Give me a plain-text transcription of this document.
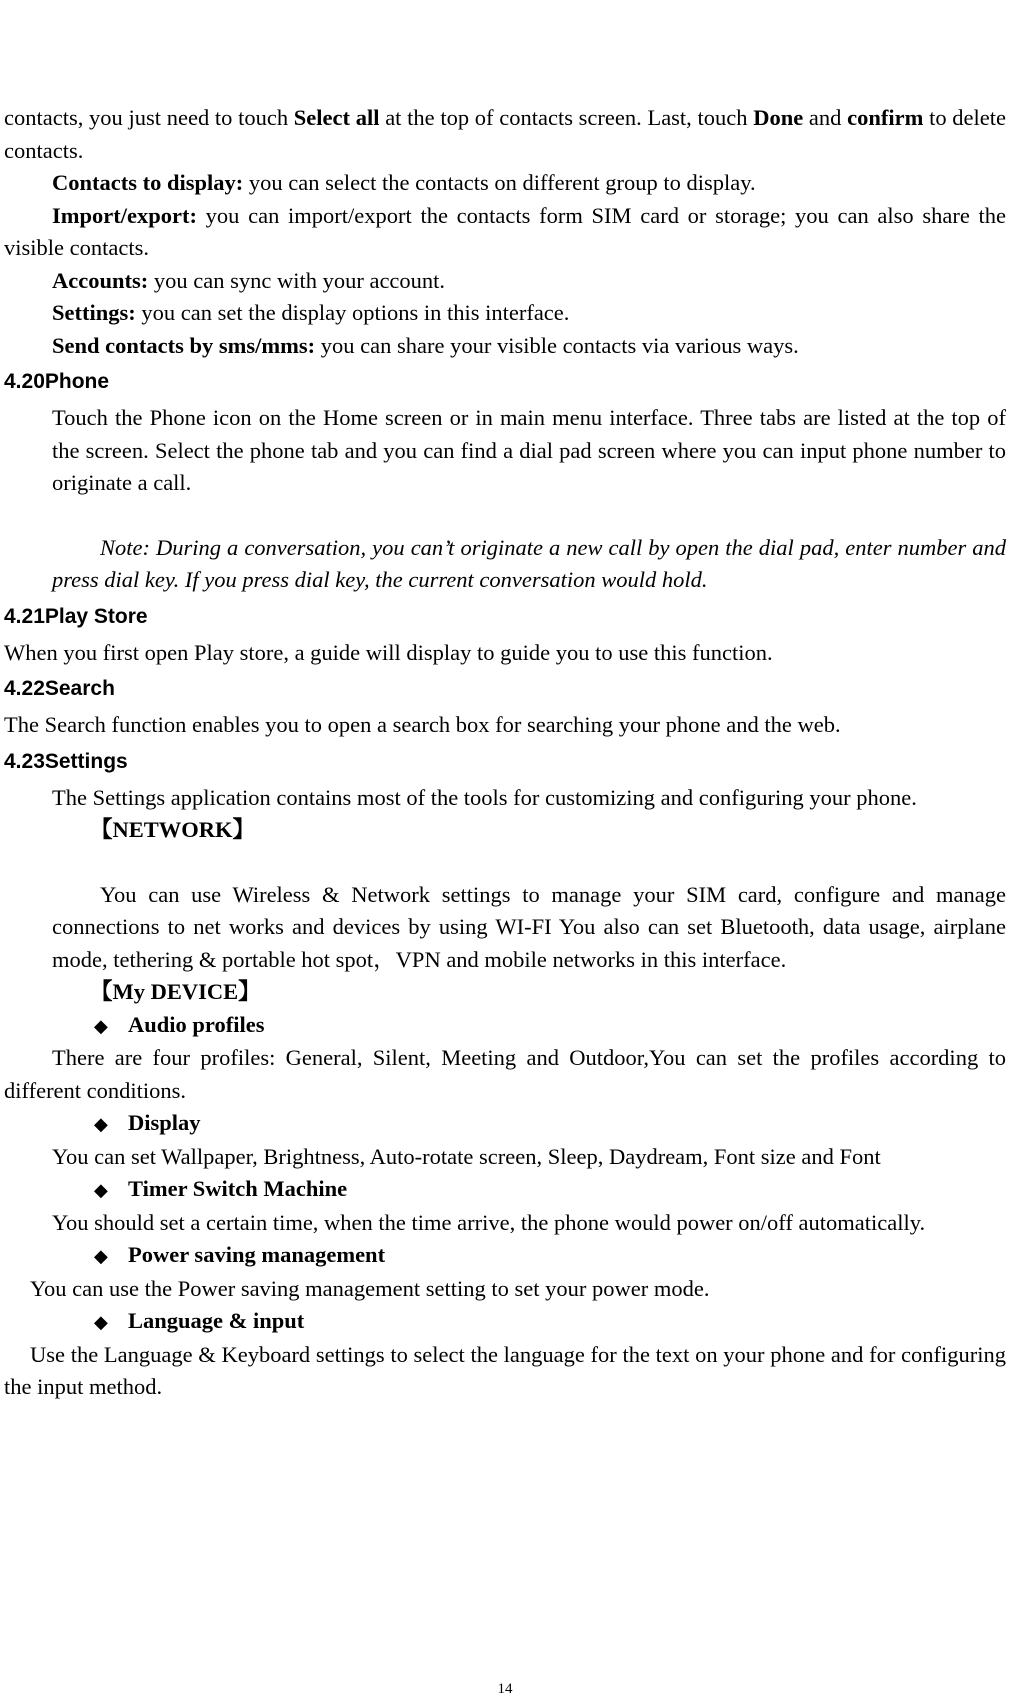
contacts, you just need to touch Select all at the top of contacts screen. Last, touch Done and confirm to delete contacts.

Contacts to display: you can select the contacts on different group to display.

Import/export: you can import/export the contacts form SIM card or storage; you can also share the visible contacts.

Accounts: you can sync with your account.

Settings: you can set the display options in this interface.

Send contacts by sms/mms: you can share your visible contacts via various ways.

4.20Phone

Touch the Phone icon on the Home screen or in main menu interface. Three tabs are listed at the top of the screen. Select the phone tab and you can find a dial pad screen where you can input phone number to originate a call.

Note: During a conversation, you can’t originate a new call by open the dial pad, enter number and press dial key. If you press dial key, the current conversation would hold.

4.21Play Store

When you first open Play store, a guide will display to guide you to use this function.

4.22Search

The Search function enables you to open a search box for searching your phone and the web.

4.23Settings

The Settings application contains most of the tools for customizing and configuring your phone.

【NETWORK】

You can use Wireless & Network settings to manage your SIM card, configure and manage connections to net works and devices by using WI-FI You also can set Bluetooth, data usage, airplane mode, tethering & portable hot spot，VPN and mobile networks in this interface.

【My DEVICE】

◆ Audio profiles

There are four profiles: General, Silent, Meeting and Outdoor,You can set the profiles according to different conditions.

◆ Display

You can set Wallpaper, Brightness, Auto-rotate screen, Sleep, Daydream, Font size and Font

◆ Timer Switch Machine

You should set a certain time, when the time arrive, the phone would power on/off automatically.

◆ Power saving management

You can use the Power saving management setting to set your power mode.

◆ Language & input

Use the Language & Keyboard settings to select the language for the text on your phone and for configuring the input method.

14
